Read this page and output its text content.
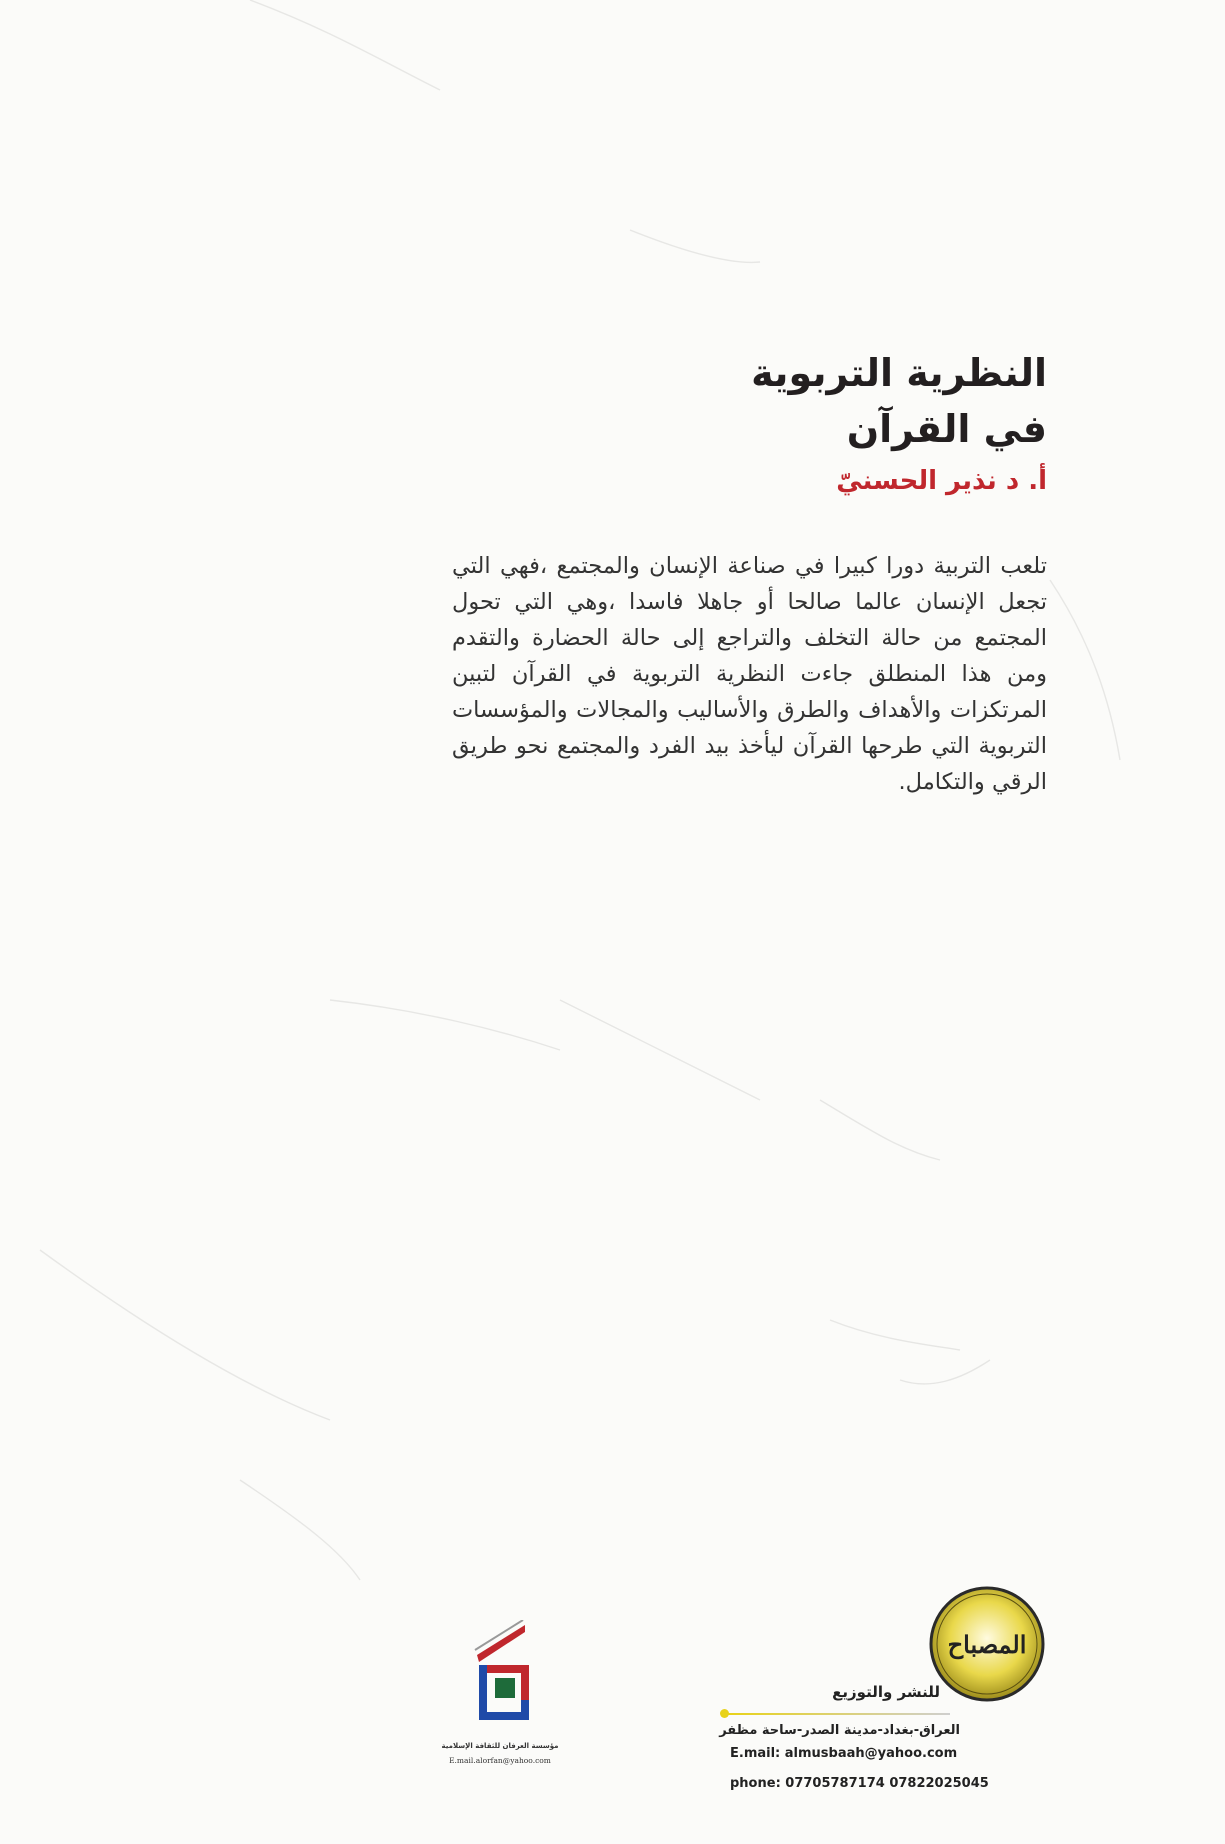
النظرية التربوية
في القرآن
أ. د نذير الحسنيّ
تلعب التربية دورا كبيرا في صناعة الإنسان والمجتمع ،فهي التي تجعل الإنسان عالما صالحا أو جاهلا فاسدا ،وهي التي تحول المجتمع من حالة التخلف والتراجع إلى حالة الحضارة والتقدم ومن هذا المنطلق جاءت النظرية التربوية في القرآن لتبين المرتكزات والأهداف والطرق والأساليب والمجالات والمؤسسات التربوية التي طرحها القرآن ليأخذ بيد الفرد والمجتمع نحو طريق الرقي والتكامل.
المصباح
للنشر والتوزيع
العراق-بغداد-مدينة الصدر-ساحة مظفر
E.mail: almusbaah@yahoo.com
phone: 07705787174 07822025045
مؤسسة العرفان للثقافة الإسلامية
E.mail.alorfan@yahoo.com
